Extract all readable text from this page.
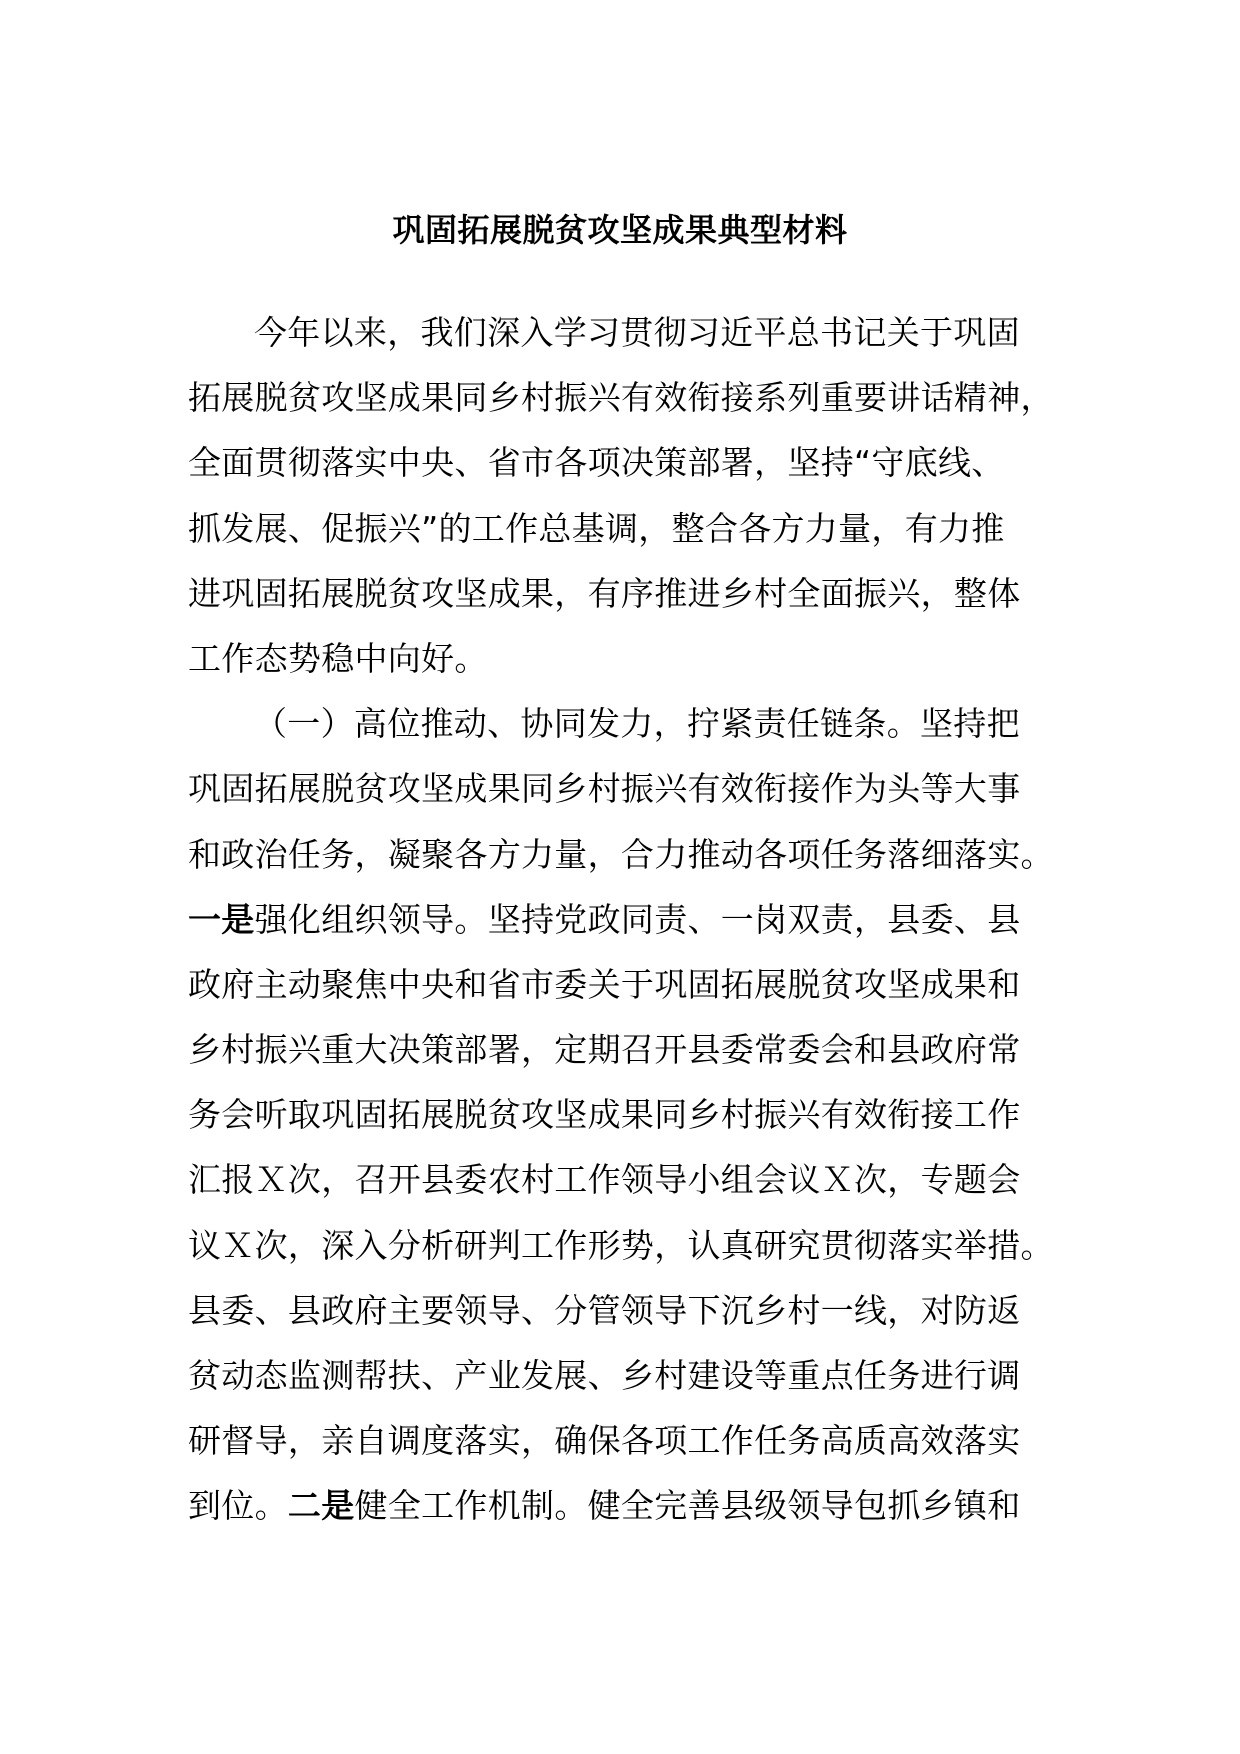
巩固拓展脱贫攻坚成果典型材料
今年以来，我们深入学习贯彻习近平总书记关于巩固
拓展脱贫攻坚成果同乡村振兴有效衔接系列重要讲话精神，
全面贯彻落实中央、省市各项决策部署，坚持“守底线、
抓发展、促振兴”的工作总基调，整合各方力量，有力推
进巩固拓展脱贫攻坚成果，有序推进乡村全面振兴，整体
工作态势稳中向好。
（一）高位推动、协同发力，拧紧责任链条。坚持把
巩固拓展脱贫攻坚成果同乡村振兴有效衔接作为头等大事
和政治任务，凝聚各方力量，合力推动各项任务落细落实。
一是强化组织领导。坚持党政同责、一岗双责，县委、县
政府主动聚焦中央和省市委关于巩固拓展脱贫攻坚成果和
乡村振兴重大决策部署，定期召开县委常委会和县政府常
务会听取巩固拓展脱贫攻坚成果同乡村振兴有效衔接工作
汇报Ｘ次，召开县委农村工作领导小组会议Ｘ次，专题会
议Ｘ次，深入分析研判工作形势，认真研究贯彻落实举措。
县委、县政府主要领导、分管领导下沉乡村一线，对防返
贫动态监测帮扶、产业发展、乡村建设等重点任务进行调
研督导，亲自调度落实，确保各项工作任务高质高效落实
到位。二是健全工作机制。健全完善县级领导包抓乡镇和
